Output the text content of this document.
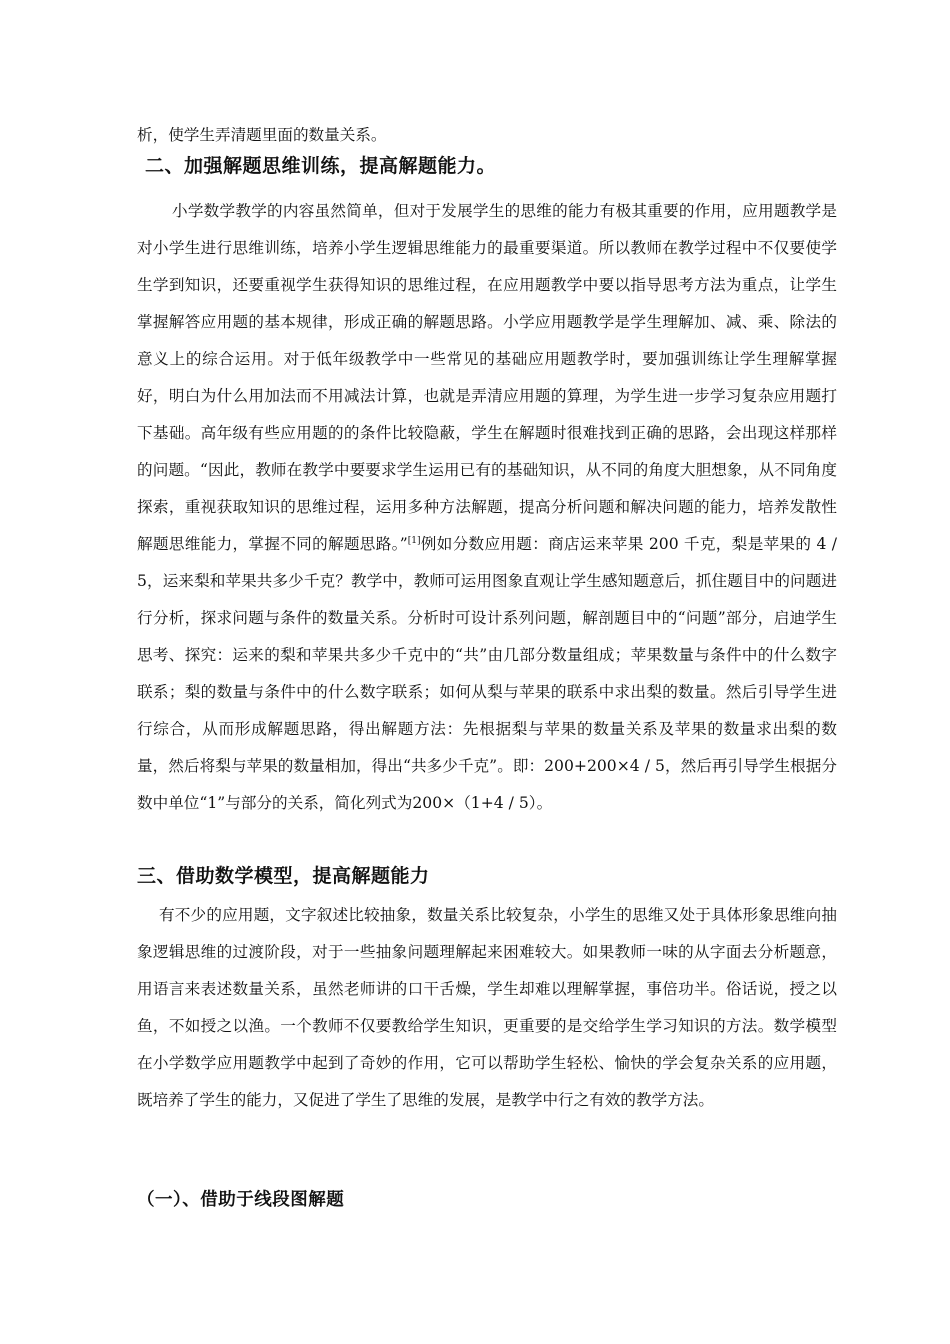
析，使学生弄清题里面的数量关系。

二、加强解题思维训练，提高解题能力。

小学数学教学的内容虽然简单，但对于发展学生的思维的能力有极其重要的作用，应用题教学是对小学生进行思维训练，培养小学生逻辑思维能力的最重要渠道。所以教师在教学过程中不仅要使学生学到知识，还要重视学生获得知识的思维过程，在应用题教学中要以指导思考方法为重点，让学生掌握解答应用题的基本规律，形成正确的解题思路。小学应用题教学是学生理解加、减、乘、除法的意义上的综合运用。对于低年级教学中一些常见的基础应用题教学时，要加强训练让学生理解掌握好，明白为什么用加法而不用减法计算，也就是弄清应用题的算理，为学生进一步学习复杂应用题打下基础。高年级有些应用题的的条件比较隐蔽，学生在解题时很难找到正确的思路，会出现这样那样的问题。“因此，教师在教学中要要求学生运用已有的基础知识，从不同的角度大胆想象，从不同角度探索，重视获取知识的思维过程，运用多种方法解题，提高分析问题和解决问题的能力，培养发散性解题思维能力，掌握不同的解题思路。”[1]例如分数应用题：商店运来苹果 200 千克，梨是苹果的 4 / 5，运来梨和苹果共多少千克？教学中，教师可运用图象直观让学生感知题意后，抓住题目中的问题进行分析，探求问题与条件的数量关系。分析时可设计系列问题，解剖题目中的“问题”部分，启迪学生思考、探究：运来的梨和苹果共多少千克中的“共”由几部分数量组成；苹果数量与条件中的什么数字联系；梨的数量与条件中的什么数字联系；如何从梨与苹果的联系中求出梨的数量。然后引导学生进行综合，从而形成解题思路，得出解题方法：先根据梨与苹果的数量关系及苹果的数量求出梨的数量，然后将梨与苹果的数量相加，得出“共多少千克”。即：200+200×4 / 5，然后再引导学生根据分数中单位“1”与部分的关系，简化列式为200×（1+4 / 5）。

三、借助数学模型，提高解题能力

有不少的应用题，文字叙述比较抽象，数量关系比较复杂，小学生的思维又处于具体形象思维向抽象逻辑思维的过渡阶段，对于一些抽象问题理解起来困难较大。如果教师一味的从字面去分析题意，用语言来表述数量关系，虽然老师讲的口干舌燥，学生却难以理解掌握，事倍功半。俗话说，授之以鱼，不如授之以渔。一个教师不仅要教给学生知识，更重要的是交给学生学习知识的方法。数学模型在小学数学应用题教学中起到了奇妙的作用，它可以帮助学生轻松、愉快的学会复杂关系的应用题，既培养了学生的能力，又促进了学生了思维的发展，是教学中行之有效的教学方法。

（一）、借助于线段图解题
